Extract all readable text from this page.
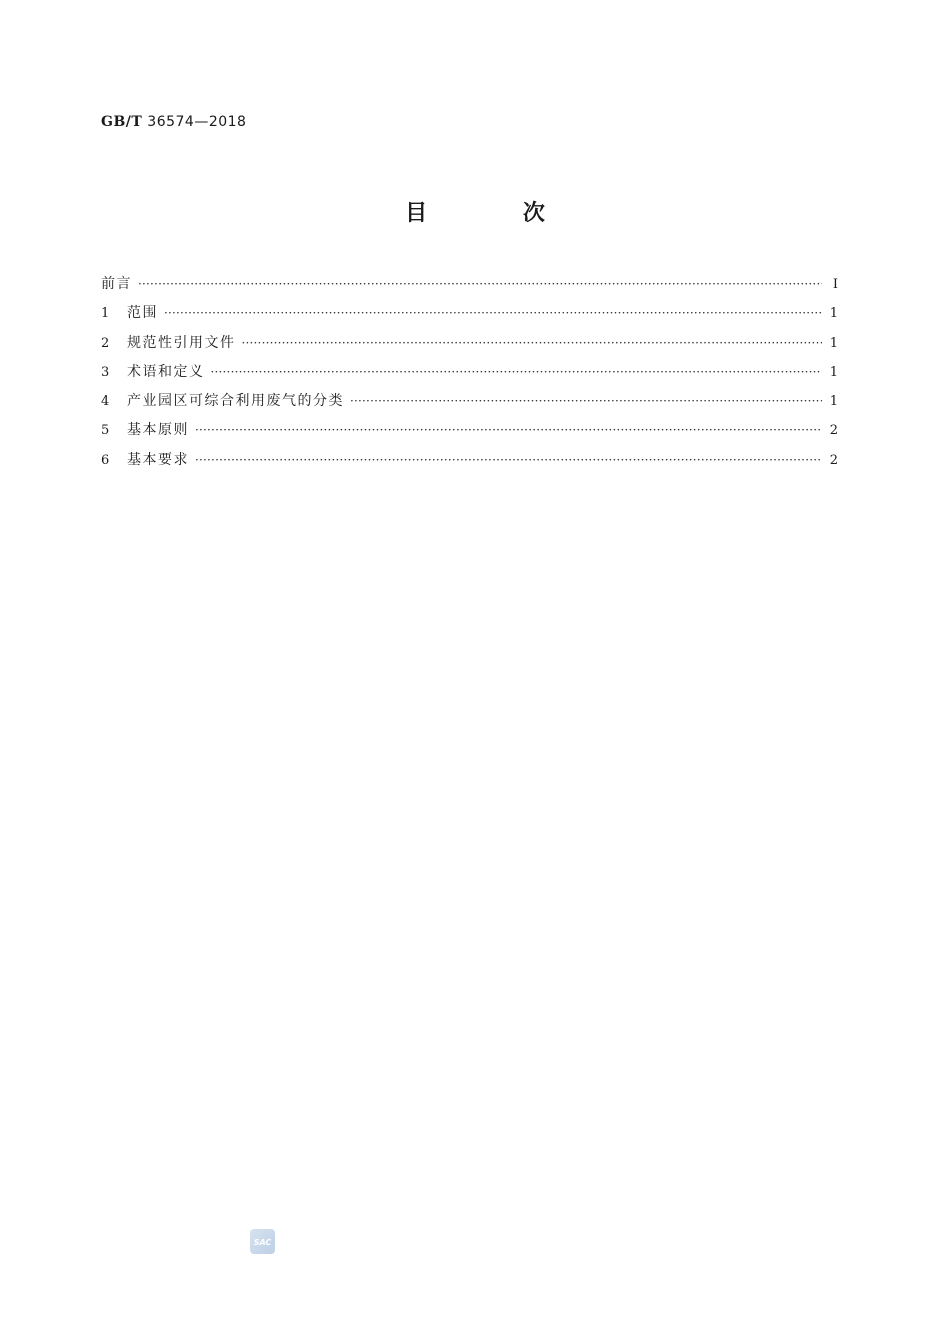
GB/T 36574—2018
目 次
前言 ·····	Ⅰ
1	范围 ·····	1
2	规范性引用文件 ·····	1
3	术语和定义 ·····	1
4	产业园区可综合利用废气的分类 ·····	1
5	基本原则 ·····	2
6	基本要求 ·····	2
SAC
